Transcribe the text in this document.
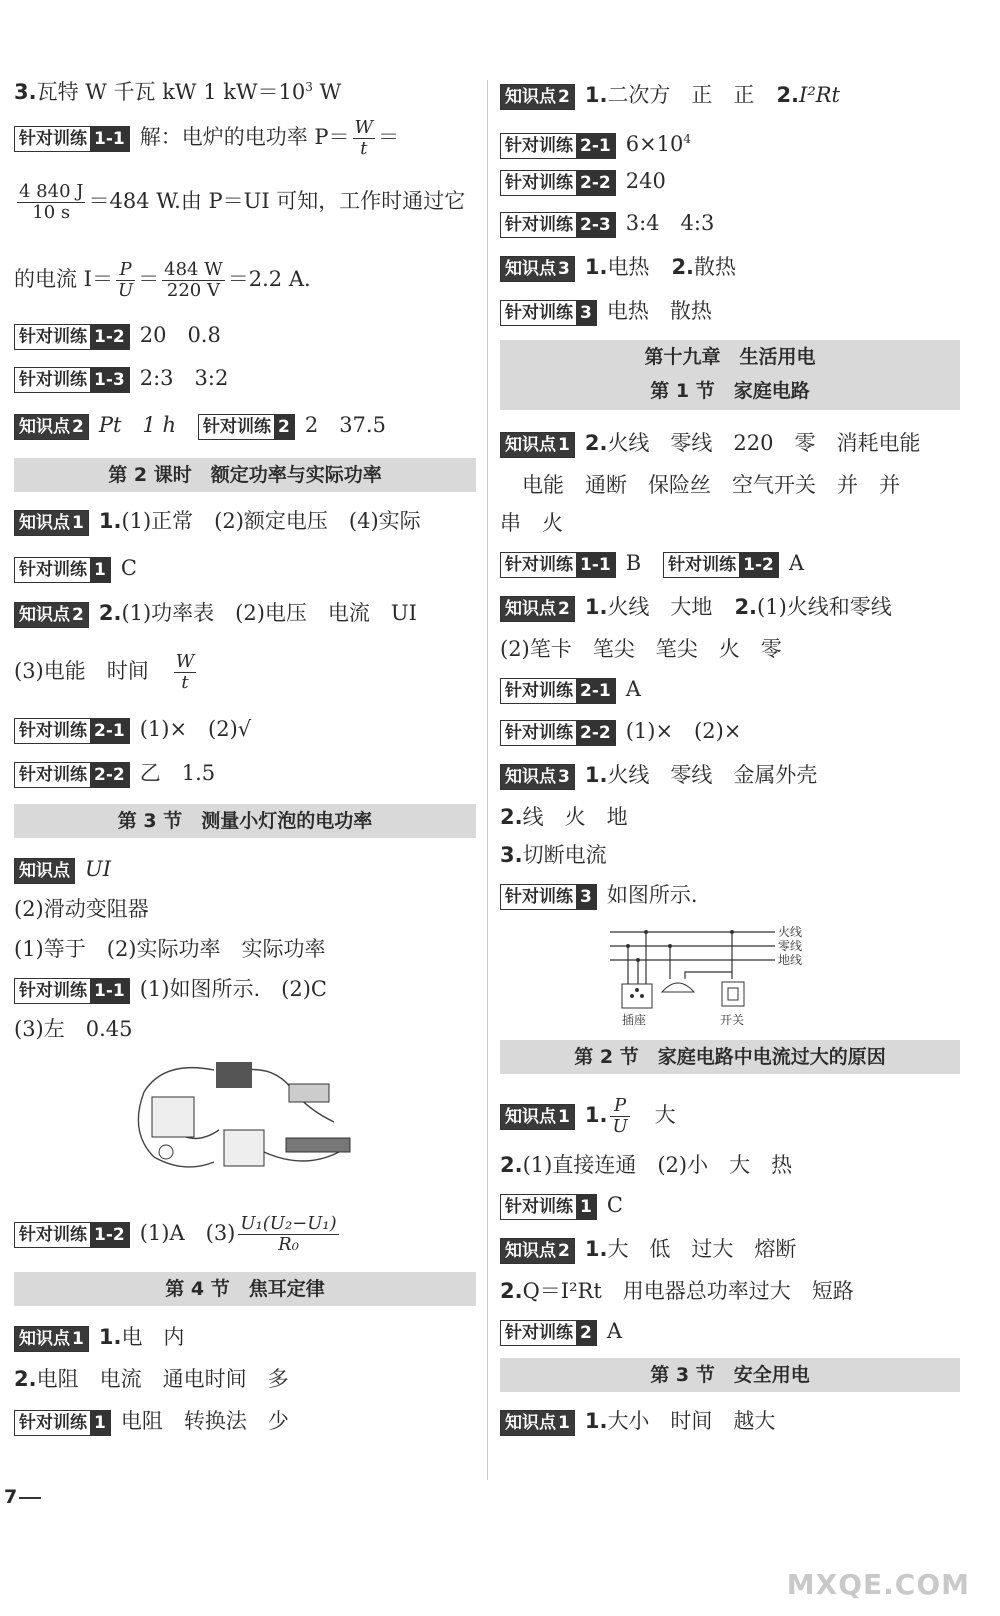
3.瓦特 W 千瓦 kW 1 $kW=10^3$ W
针对训练 1-1 解：电炉的电功率 $P= \frac{W}{t}$ ＝
$\frac{4 840 J}{10 s} =484$ W.由 P＝UI 可知，工作时通过它
的电流 $I= \frac{P}{U} = \frac{484 W}{220 V} =2.2$ A.
针对训练 1-2 20　0.8
针对训练 1-3 2:3　3:2
知识点 2 Pt　1 h 针对训练 2 2　37.5
第 2 课时　额定功率与实际功率
知识点 1 1.(1)正常　(2)额定电压　(4)实际
针对训练 1 C
知识点 2 2.(1)功率表　(2)电压　电流　UI
(3)电能　时间 $\frac{W}{t}$
针对训练 2-1 (1)×　(2)√
针对训练 2-2 乙　1.5
第 3 节　测量小灯泡的电功率
知识点 UI
(2)滑动变阻器
(1)等于　(2)实际功率　实际功率
针对训练 1-1 (1)如图所示.　(2)C
(3)左　0.45
针对训练 1-2 (1)A　$(3) \frac{\text{U₁(U₂−U₁)}}{\text{R₀}}$
第 4 节　焦耳定律
知识点 1 1.电　内
2.电阻　电流　通电时间　多
针对训练 1 电阻　转换法　少
知识点 2 1.二次方　正　正 2.I²Rt
针对训练 2-1 $6\times 10^4$
针对训练 2-2 240
针对训练 2-3 3:4　4:3
知识点 3 1.电热 2.散热
针对训练 3 电热　散热
第十九章　生活用电
第 1 节　家庭电路
知识点 1 2.火线　零线　220　零　消耗电能
电能　通断　保险丝　空气开关　并　并
串　火
针对训练 1-1 B 针对训练 1-2 A
知识点 2 1.火线　大地 2.(1)火线和零线
(2)笔卡　笔尖　笔尖　火　零
针对训练 2-1 A
针对训练 2-2 (1)×　(2)×
知识点 3 1.火线　零线　金属外壳
2.线　火　地
3.切断电流
针对训练 3 如图所示.
火线
零线
地线
插座	开关
第 2 节　家庭电路中电流过大的原因
知识点 1 1. $\frac{P}{U}$ 大
2.(1)直接连通　(2)小　大　热
针对训练 1 C
知识点 2 1.大　低　过大　熔断
2.Q＝I²Rt　用电器总功率过大　短路
针对训练 2 A
第 3 节　安全用电
知识点 1 1.大小　时间　越大
7
MXQE.COM
